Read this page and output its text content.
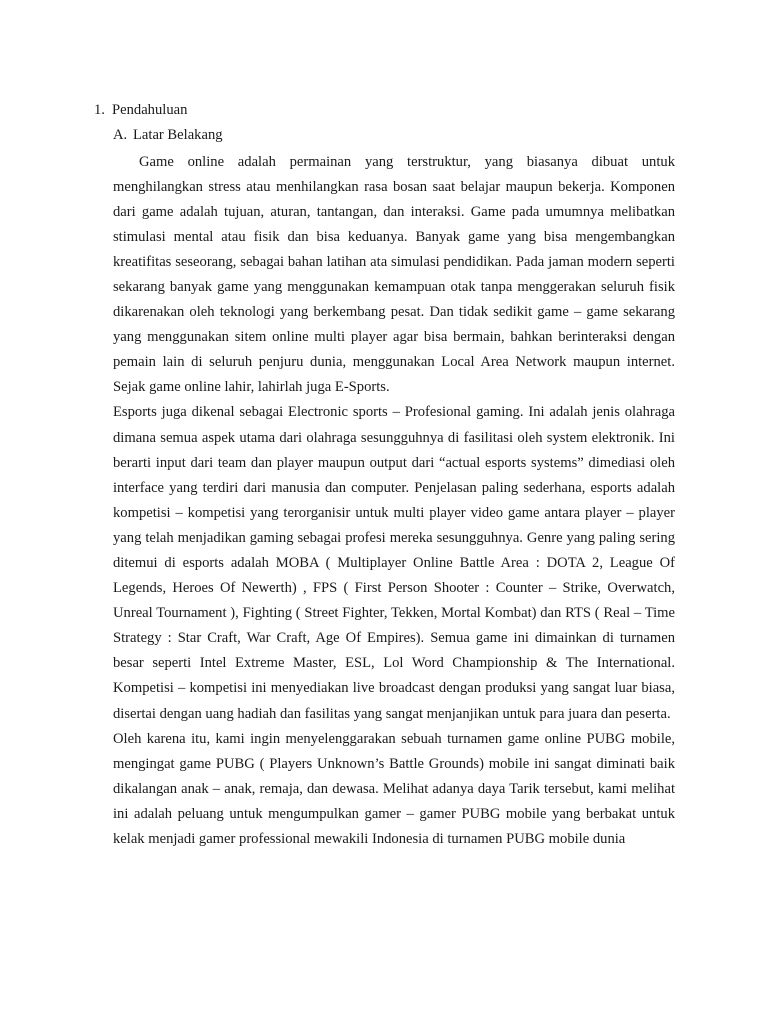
1. Pendahuluan
A. Latar Belakang

Game online adalah permainan yang terstruktur, yang biasanya dibuat untuk menghilangkan stress atau menhilangkan rasa bosan saat belajar maupun bekerja. Komponen dari game adalah tujuan, aturan, tantangan, dan interaksi. Game pada umumnya melibatkan stimulasi mental atau fisik dan bisa keduanya. Banyak game yang bisa mengembangkan kreatifitas seseorang, sebagai bahan latihan ata simulasi pendidikan. Pada jaman modern seperti sekarang banyak game yang menggunakan kemampuan otak tanpa menggerakan seluruh fisik dikarenakan oleh teknologi yang berkembang pesat. Dan tidak sedikit game – game sekarang yang menggunakan sitem online multi player agar bisa bermain, bahkan berinteraksi dengan pemain lain di seluruh penjuru dunia, menggunakan Local Area Network maupun internet. Sejak game online lahir, lahirlah juga E-Sports.

Esports juga dikenal sebagai Electronic sports – Profesional gaming. Ini adalah jenis olahraga dimana semua aspek utama dari olahraga sesungguhnya di fasilitasi oleh system elektronik. Ini berarti input dari team dan player maupun output dari “actual esports systems” dimediasi oleh interface yang terdiri dari manusia dan computer. Penjelasan paling sederhana, esports adalah kompetisi – kompetisi yang terorganisir untuk multi player video game antara player – player yang telah menjadikan gaming sebagai profesi mereka sesungguhnya. Genre yang paling sering ditemui di esports adalah MOBA ( Multiplayer Online Battle Area : DOTA 2, League Of Legends, Heroes Of Newerth) , FPS ( First Person Shooter : Counter – Strike, Overwatch, Unreal Tournament ), Fighting ( Street Fighter, Tekken, Mortal Kombat) dan RTS ( Real – Time Strategy : Star Craft, War Craft, Age Of Empires). Semua game ini dimainkan di turnamen besar seperti Intel Extreme Master, ESL, Lol Word Championship & The International. Kompetisi – kompetisi ini menyediakan live broadcast dengan produksi yang sangat luar biasa, disertai dengan uang hadiah dan fasilitas yang sangat menjanjikan untuk para juara dan peserta.

Oleh karena itu, kami ingin menyelenggarakan sebuah turnamen game online PUBG mobile, mengingat game PUBG ( Players Unknown’s Battle Grounds) mobile ini sangat diminati baik dikalangan anak – anak, remaja, dan dewasa. Melihat adanya daya Tarik tersebut, kami melihat ini adalah peluang untuk mengumpulkan gamer – gamer PUBG mobile yang berbakat untuk kelak menjadi gamer professional mewakili Indonesia di turnamen PUBG mobile dunia
